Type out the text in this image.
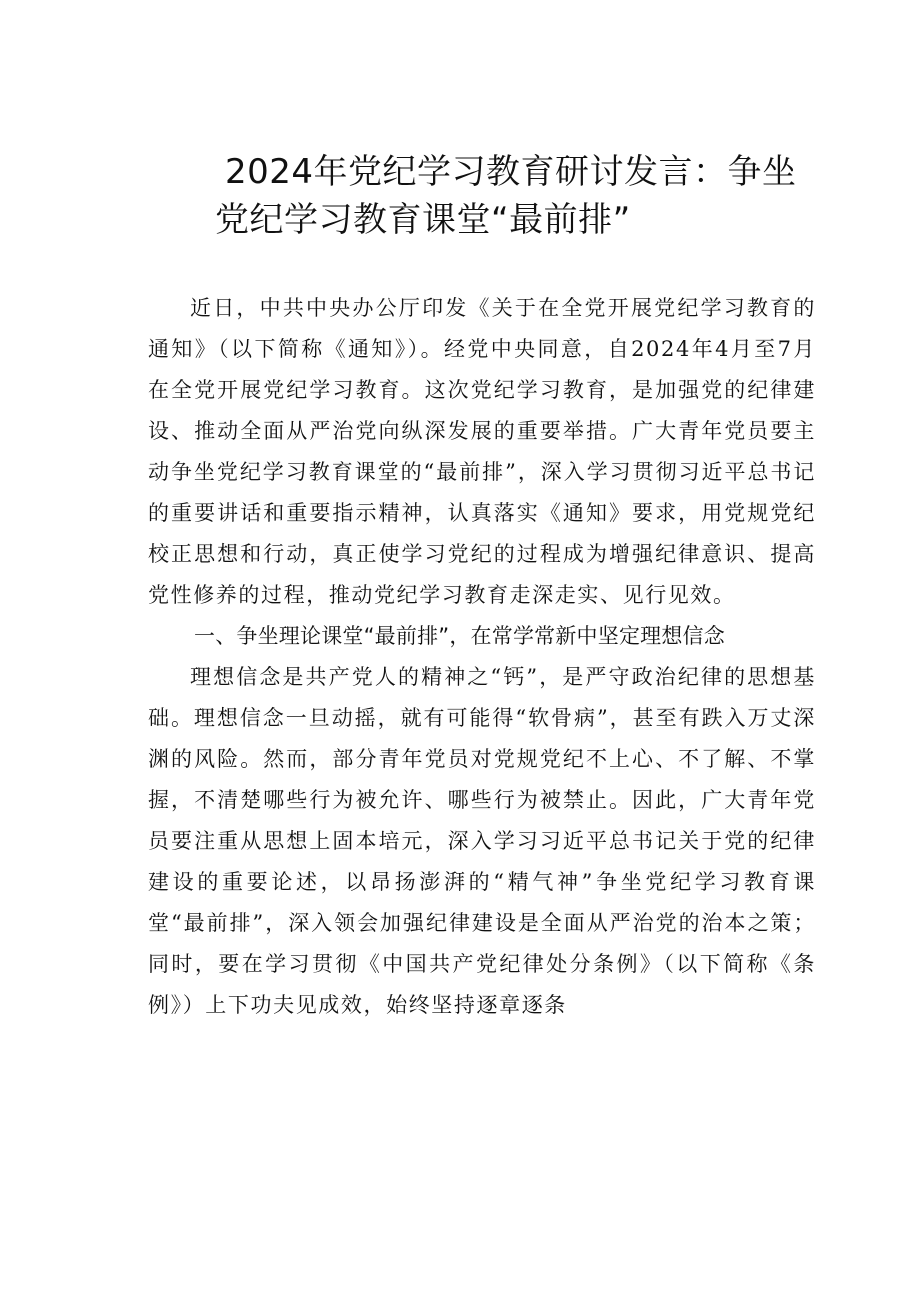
2024年党纪学习教育研讨发言：争坐
党纪学习教育课堂“最前排”

近日，中共中央办公厅印发《关于在全党开展党纪学习教育的通知》（以下简称《通知》）。经党中央同意，自2024年4月至7月在全党开展党纪学习教育。这次党纪学习教育，是加强党的纪律建设、推动全面从严治党向纵深发展的重要举措。广大青年党员要主动争坐党纪学习教育课堂的“最前排”，深入学习贯彻习近平总书记的重要讲话和重要指示精神，认真落实《通知》要求，用党规党纪校正思想和行动，真正使学习党纪的过程成为增强纪律意识、提高党性修养的过程，推动党纪学习教育走深走实、见行见效。

一、争坐理论课堂“最前排”，在常学常新中坚定理想信念

理想信念是共产党人的精神之“钙”，是严守政治纪律的思想基础。理想信念一旦动摇，就有可能得“软骨病”，甚至有跌入万丈深渊的风险。然而，部分青年党员对党规党纪不上心、不了解、不掌握，不清楚哪些行为被允许、哪些行为被禁止。因此，广大青年党员要注重从思想上固本培元，深入学习习近平总书记关于党的纪律建设的重要论述，以昂扬澎湃的“精气神”争坐党纪学习教育课堂“最前排”，深入领会加强纪律建设是全面从严治党的治本之策；同时，要在学习贯彻《中国共产党纪律处分条例》（以下简称《条例》）上下功夫见成效，始终坚持逐章逐条
